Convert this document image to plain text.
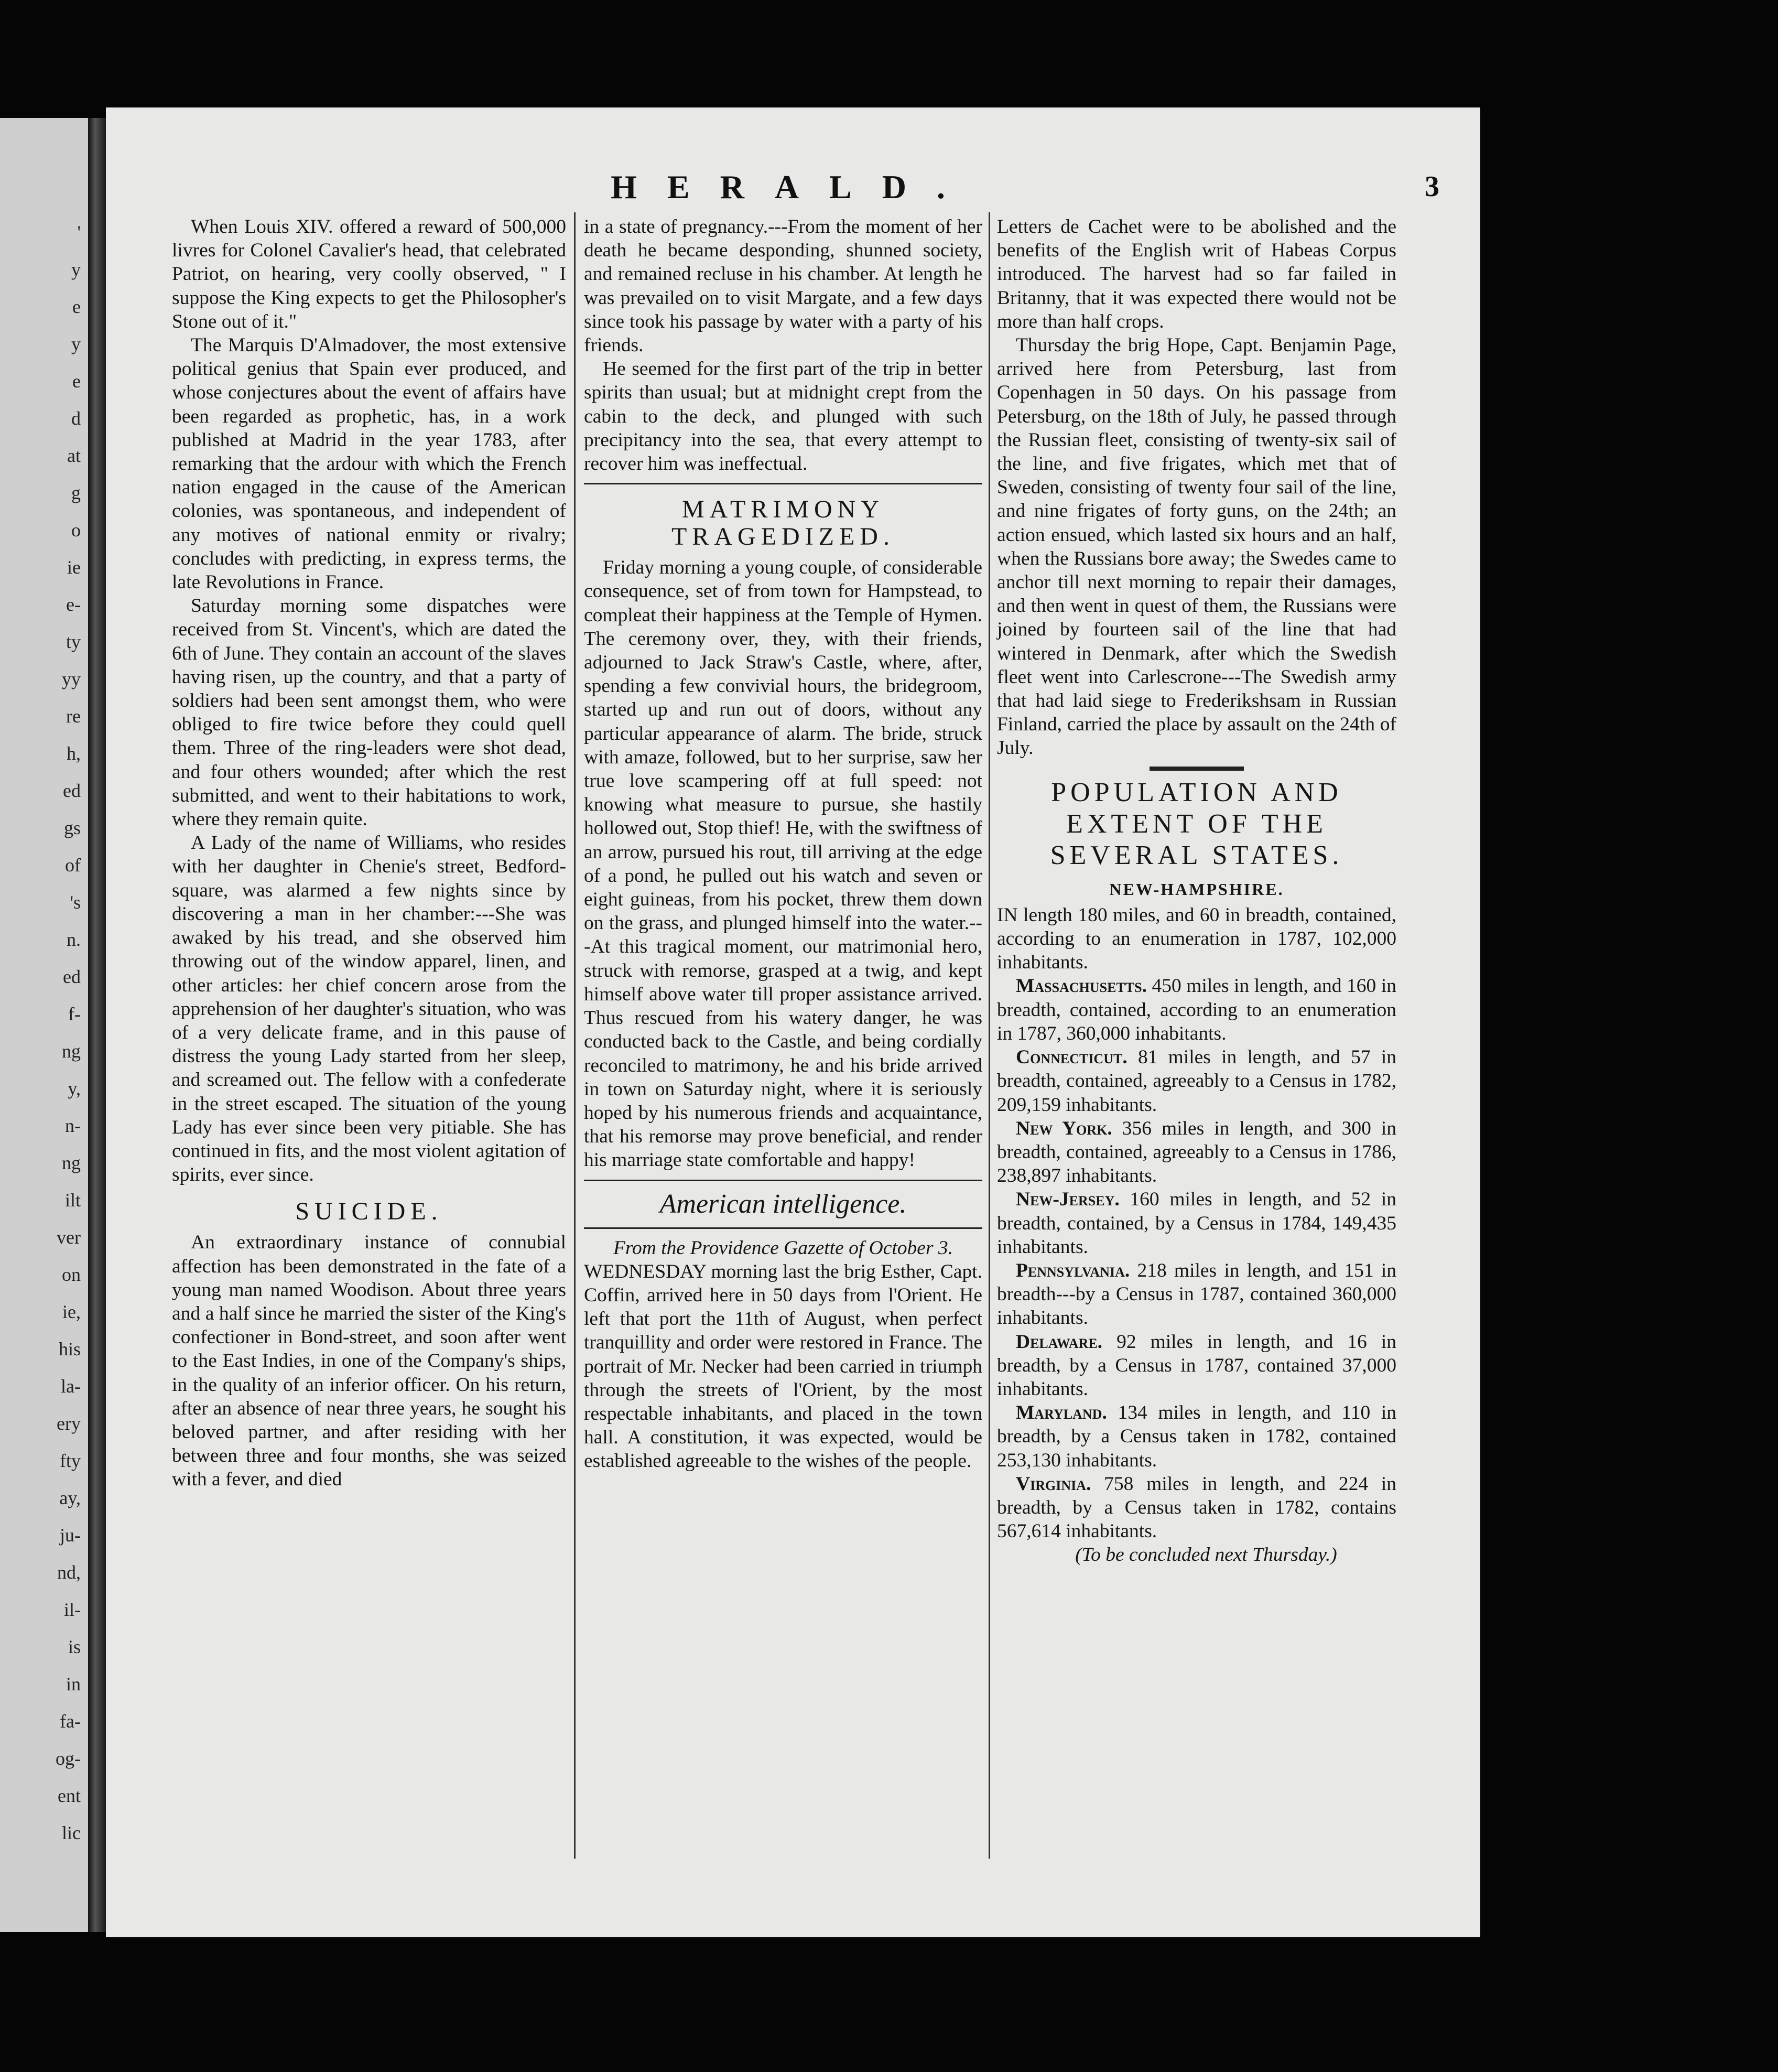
'
y
e
y
e
d
at
g
o
ie
e-
ty
yy
re
h,
ed
gs
of
's
n.
ed
f-
ng
y,
n-
ng
ilt
ver
on
ie,
his
la-
ery
fty
ay,
ju-
nd,
il-
is
in
fa-
og-
ent
lic
HERALD.	3

When Louis XIV. offered a reward of 500,000 livres for Colonel Cavalier's head, that celebrated Patriot, on hearing, very coolly observed, " I suppose the King expects to get the Philosopher's Stone out of it."

The Marquis D'Almadover, the most extensive political genius that Spain ever produced, and whose conjectures about the event of affairs have been regarded as prophetic, has, in a work published at Madrid in the year 1783, after remarking that the ardour with which the French nation engaged in the cause of the American colonies, was spontaneous, and independent of any motives of national enmity or rivalry; concludes with predicting, in express terms, the late Revolutions in France.

Saturday morning some dispatches were received from St. Vincent's, which are dated the 6th of June. They contain an account of the slaves having risen, up the country, and that a party of soldiers had been sent amongst them, who were obliged to fire twice before they could quell them. Three of the ring-leaders were shot dead, and four others wounded; after which the rest submitted, and went to their habitations to work, where they remain quite.

A Lady of the name of Williams, who resides with her daughter in Chenie's street, Bedford-square, was alarmed a few nights since by discovering a man in her chamber:---She was awaked by his tread, and she observed him throwing out of the window apparel, linen, and other articles: her chief concern arose from the apprehension of her daughter's situation, who was of a very delicate frame, and in this pause of distress the young Lady started from her sleep, and screamed out. The fellow with a confederate in the street escaped. The situation of the young Lady has ever since been very pitiable. She has continued in fits, and the most violent agitation of spirits, ever since.

SUICIDE.

An extraordinary instance of connubial affection has been demonstrated in the fate of a young man named Woodison. About three years and a half since he married the sister of the King's confectioner in Bond-street, and soon after went to the East Indies, in one of the Company's ships, in the quality of an inferior officer. On his return, after an absence of near three years, he sought his beloved partner, and after residing with her between three and four months, she was seized with a fever, and died

in a state of pregnancy.---From the moment of her death he became desponding, shunned society, and remained recluse in his chamber. At length he was prevailed on to visit Margate, and a few days since took his passage by water with a party of his friends.

He seemed for the first part of the trip in better spirits than usual; but at midnight crept from the cabin to the deck, and plunged with such precipitancy into the sea, that every attempt to recover him was ineffectual.

MATRIMONY TRAGEDIZED.

Friday morning a young couple, of considerable consequence, set of from town for Hampstead, to compleat their happiness at the Temple of Hymen. The ceremony over, they, with their friends, adjourned to Jack Straw's Castle, where, after, spending a few convivial hours, the bridegroom, started up and run out of doors, without any particular appearance of alarm. The bride, struck with amaze, followed, but to her surprise, saw her true love scampering off at full speed: not knowing what measure to pursue, she hastily hollowed out, Stop thief! He, with the swiftness of an arrow, pursued his rout, till arriving at the edge of a pond, he pulled out his watch and seven or eight guineas, from his pocket, threw them down on the grass, and plunged himself into the water.---At this tragical moment, our matrimonial hero, struck with remorse, grasped at a twig, and kept himself above water till proper assistance arrived. Thus rescued from his watery danger, he was conducted back to the Castle, and being cordially reconciled to matrimony, he and his bride arrived in town on Saturday night, where it is seriously hoped by his numerous friends and acquaintance, that his remorse may prove beneficial, and render his marriage state comfortable and happy!

American intelligence.

From the Providence Gazette of October 3.

WEDNESDAY morning last the brig Esther, Capt. Coffin, arrived here in 50 days from l'Orient. He left that port the 11th of August, when perfect tranquillity and order were restored in France. The portrait of Mr. Necker had been carried in triumph through the streets of l'Orient, by the most respectable inhabitants, and placed in the town hall. A constitution, it was expected, would be established agreeable to the wishes of the people.

Letters de Cachet were to be abolished and the benefits of the English writ of Habeas Corpus introduced. The harvest had so far failed in Britanny, that it was expected there would not be more than half crops.

Thursday the brig Hope, Capt. Benjamin Page, arrived here from Petersburg, last from Copenhagen in 50 days. On his passage from Petersburg, on the 18th of July, he passed through the Russian fleet, consisting of twenty-six sail of the line, and five frigates, which met that of Sweden, consisting of twenty four sail of the line, and nine frigates of forty guns, on the 24th; an action ensued, which lasted six hours and an half, when the Russians bore away; the Swedes came to anchor till next morning to repair their damages, and then went in quest of them, the Russians were joined by fourteen sail of the line that had wintered in Denmark, after which the Swedish fleet went into Carlescrone---The Swedish army that had laid siege to Frederikshsam in Russian Finland, carried the place by assault on the 24th of July.

POPULATION AND EXTENT OF THE SEVERAL STATES.
NEW-HAMPSHIRE.

IN length 180 miles, and 60 in breadth, contained, according to an enumeration in 1787, 102,000 inhabitants.

Massachusetts. 450 miles in length, and 160 in breadth, contained, according to an enumeration in 1787, 360,000 inhabitants.

Connecticut. 81 miles in length, and 57 in breadth, contained, agreeably to a Census in 1782, 209,159 inhabitants.

New York. 356 miles in length, and 300 in breadth, contained, agreeably to a Census in 1786, 238,897 inhabitants.

New-Jersey. 160 miles in length, and 52 in breadth, contained, by a Census in 1784, 149,435 inhabitants.

Pennsylvania. 218 miles in length, and 151 in breadth---by a Census in 1787, contained 360,000 inhabitants.

Delaware. 92 miles in length, and 16 in breadth, by a Census in 1787, contained 37,000 inhabitants.

Maryland. 134 miles in length, and 110 in breadth, by a Census taken in 1782, contained 253,130 inhabitants.

Virginia. 758 miles in length, and 224 in breadth, by a Census taken in 1782, contains 567,614 inhabitants.

(To be concluded next Thursday.)
